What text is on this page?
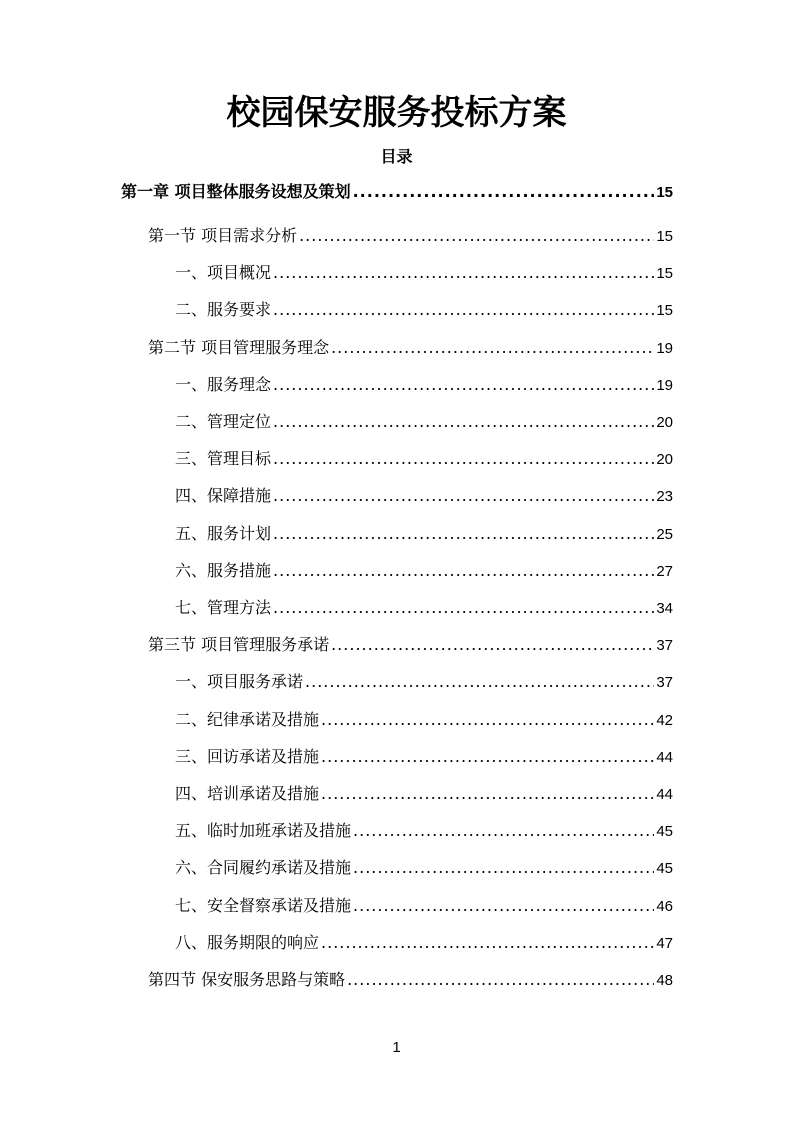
校园保安服务投标方案
目录
第一章 项目整体服务设想及策划 .....	15
第一节 项目需求分析 .....	15
一、项目概况 .....	15
二、服务要求 .....	15
第二节 项目管理服务理念 .....	19
一、服务理念 .....	19
二、管理定位 .....	20
三、管理目标 .....	20
四、保障措施 .....	23
五、服务计划 .....	25
六、服务措施 .....	27
七、管理方法 .....	34
第三节 项目管理服务承诺 .....	37
一、项目服务承诺 .....	37
二、纪律承诺及措施 .....	42
三、回访承诺及措施 .....	44
四、培训承诺及措施 .....	44
五、临时加班承诺及措施 .....	45
六、合同履约承诺及措施 .....	45
七、安全督察承诺及措施 .....	46
八、服务期限的响应 .....	47
第四节 保安服务思路与策略 .....	48
1
